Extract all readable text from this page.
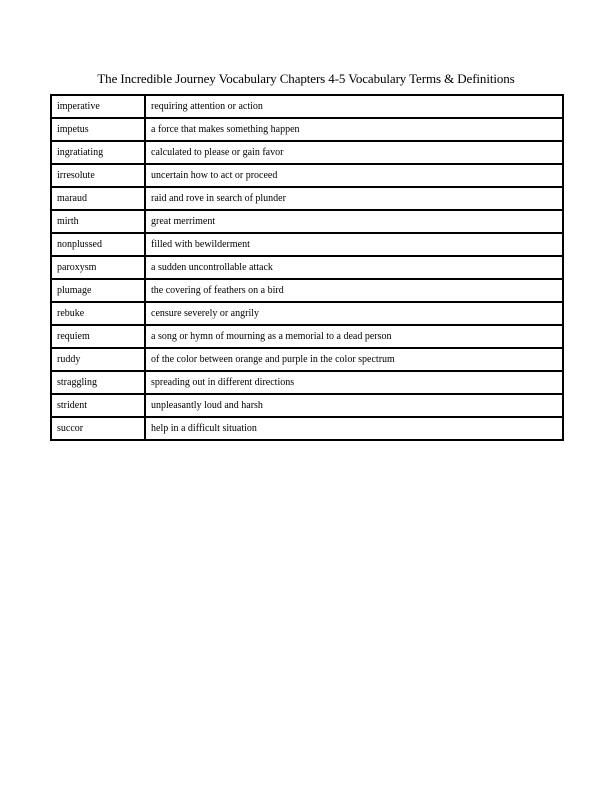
The Incredible Journey Vocabulary Chapters 4-5 Vocabulary Terms & Definitions
imperative	requiring attention or action
impetus	a force that makes something happen
ingratiating	calculated to please or gain favor
irresolute	uncertain how to act or proceed
maraud	raid and rove in search of plunder
mirth	great merriment
nonplussed	filled with bewilderment
paroxysm	a sudden uncontrollable attack
plumage	the covering of feathers on a bird
rebuke	censure severely or angrily
requiem	a song or hymn of mourning as a memorial to a dead person
ruddy	of the color between orange and purple in the color spectrum
straggling	spreading out in different directions
strident	unpleasantly loud and harsh
succor	help in a difficult situation
